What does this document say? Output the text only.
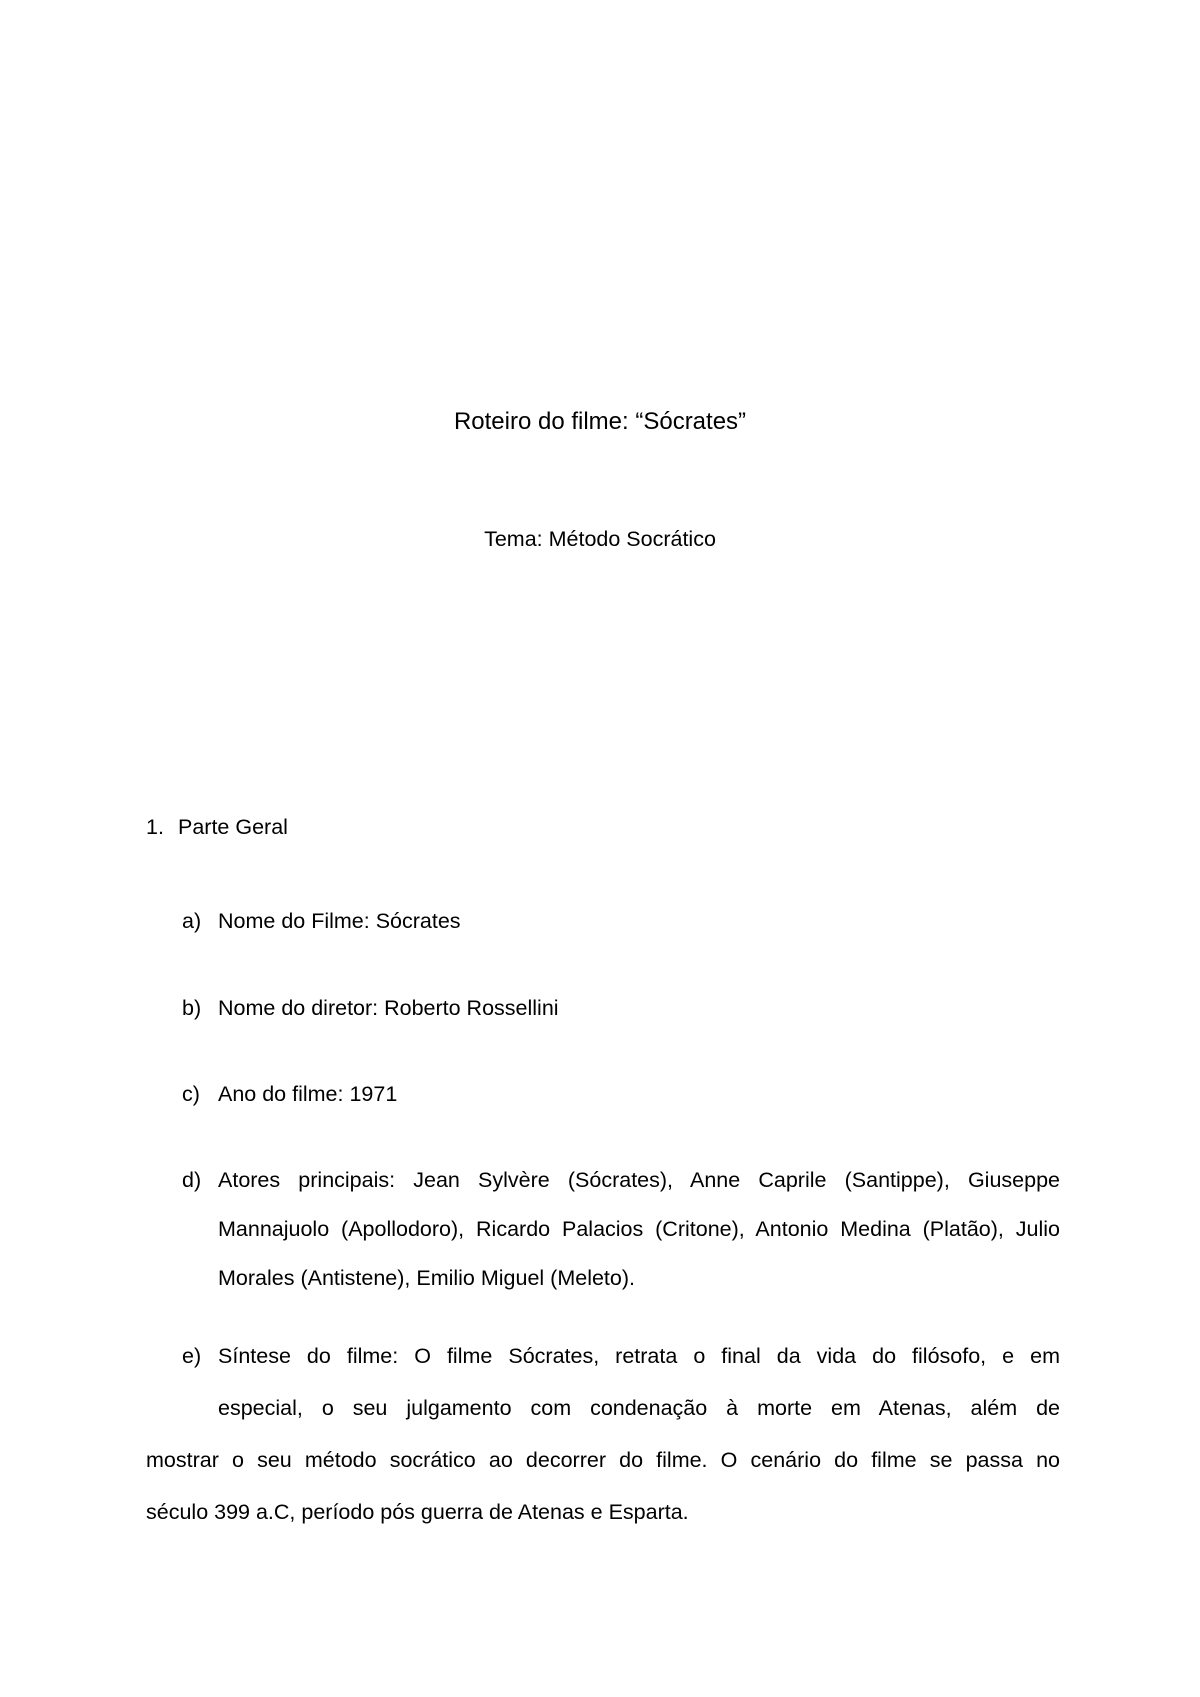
Roteiro do filme: “Sócrates”
Tema: Método Socrático
1. Parte Geral
a) Nome do Filme: Sócrates
b) Nome do diretor: Roberto Rossellini
c) Ano do filme: 1971
d) Atores principais: Jean Sylvère (Sócrates), Anne Caprile (Santippe), Giuseppe Mannajuolo (Apollodoro), Ricardo Palacios (Critone), Antonio Medina (Platão), Julio Morales (Antistene), Emilio Miguel (Meleto).
e) Síntese do filme: O filme Sócrates, retrata o final da vida do filósofo, e em
especial, o seu julgamento com condenação à morte em Atenas, além de
mostrar o seu método socrático ao decorrer do filme. O cenário do filme se passa no
século 399 a.C, período pós guerra de Atenas e Esparta.
